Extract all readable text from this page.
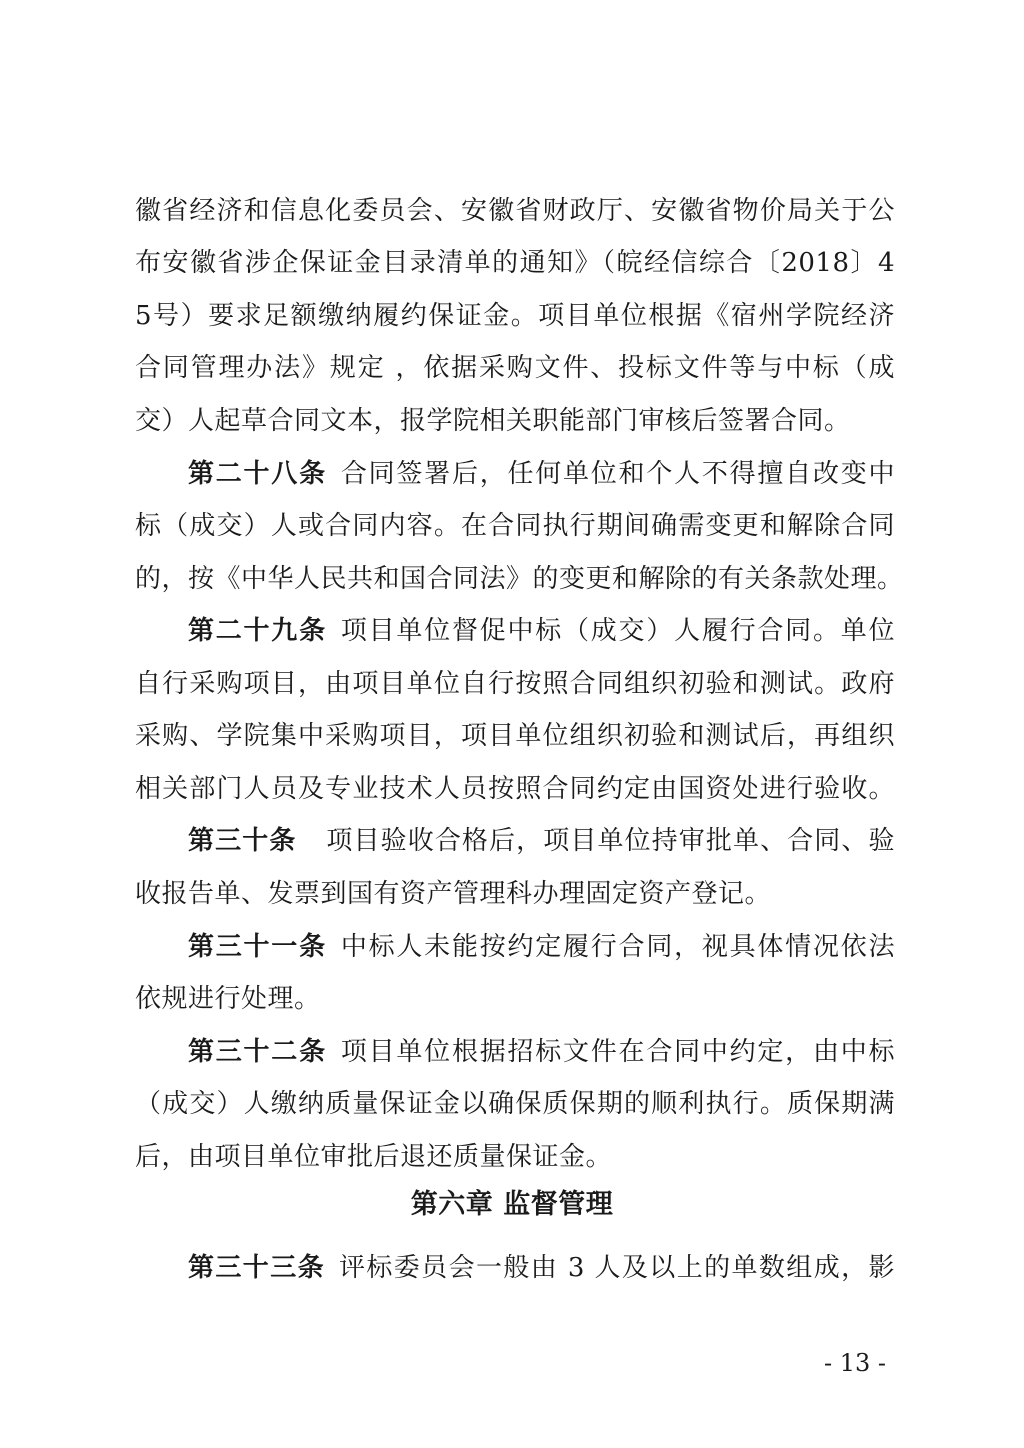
徽省经济和信息化委员会、安徽省财政厅、安徽省物价局关于公
布安徽省涉企保证金目录清单的通知》（皖经信综合〔2018〕4
5号）要求足额缴纳履约保证金。项目单位根据《宿州学院经济
合同管理办法》规定 ，依据采购文件、投标文件等与中标（成
交）人起草合同文本，报学院相关职能部门审核后签署合同。
第二十八条 合同签署后，任何单位和个人不得擅自改变中
标（成交）人或合同内容。在合同执行期间确需变更和解除合同
的，按《中华人民共和国合同法》的变更和解除的有关条款处理。
第二十九条 项目单位督促中标（成交）人履行合同。单位
自行采购项目，由项目单位自行按照合同组织初验和测试。政府
采购、学院集中采购项目，项目单位组织初验和测试后，再组织
相关部门人员及专业技术人员按照合同约定由国资处进行验收。
第三十条 项目验收合格后，项目单位持审批单、合同、验
收报告单、发票到国有资产管理科办理固定资产登记。
第三十一条 中标人未能按约定履行合同，视具体情况依法
依规进行处理。
第三十二条 项目单位根据招标文件在合同中约定，由中标
（成交）人缴纳质量保证金以确保质保期的顺利执行。质保期满
后，由项目单位审批后退还质量保证金。
第六章 监督管理
第三十三条 评标委员会一般由 3 人及以上的单数组成，影
- 13 -
